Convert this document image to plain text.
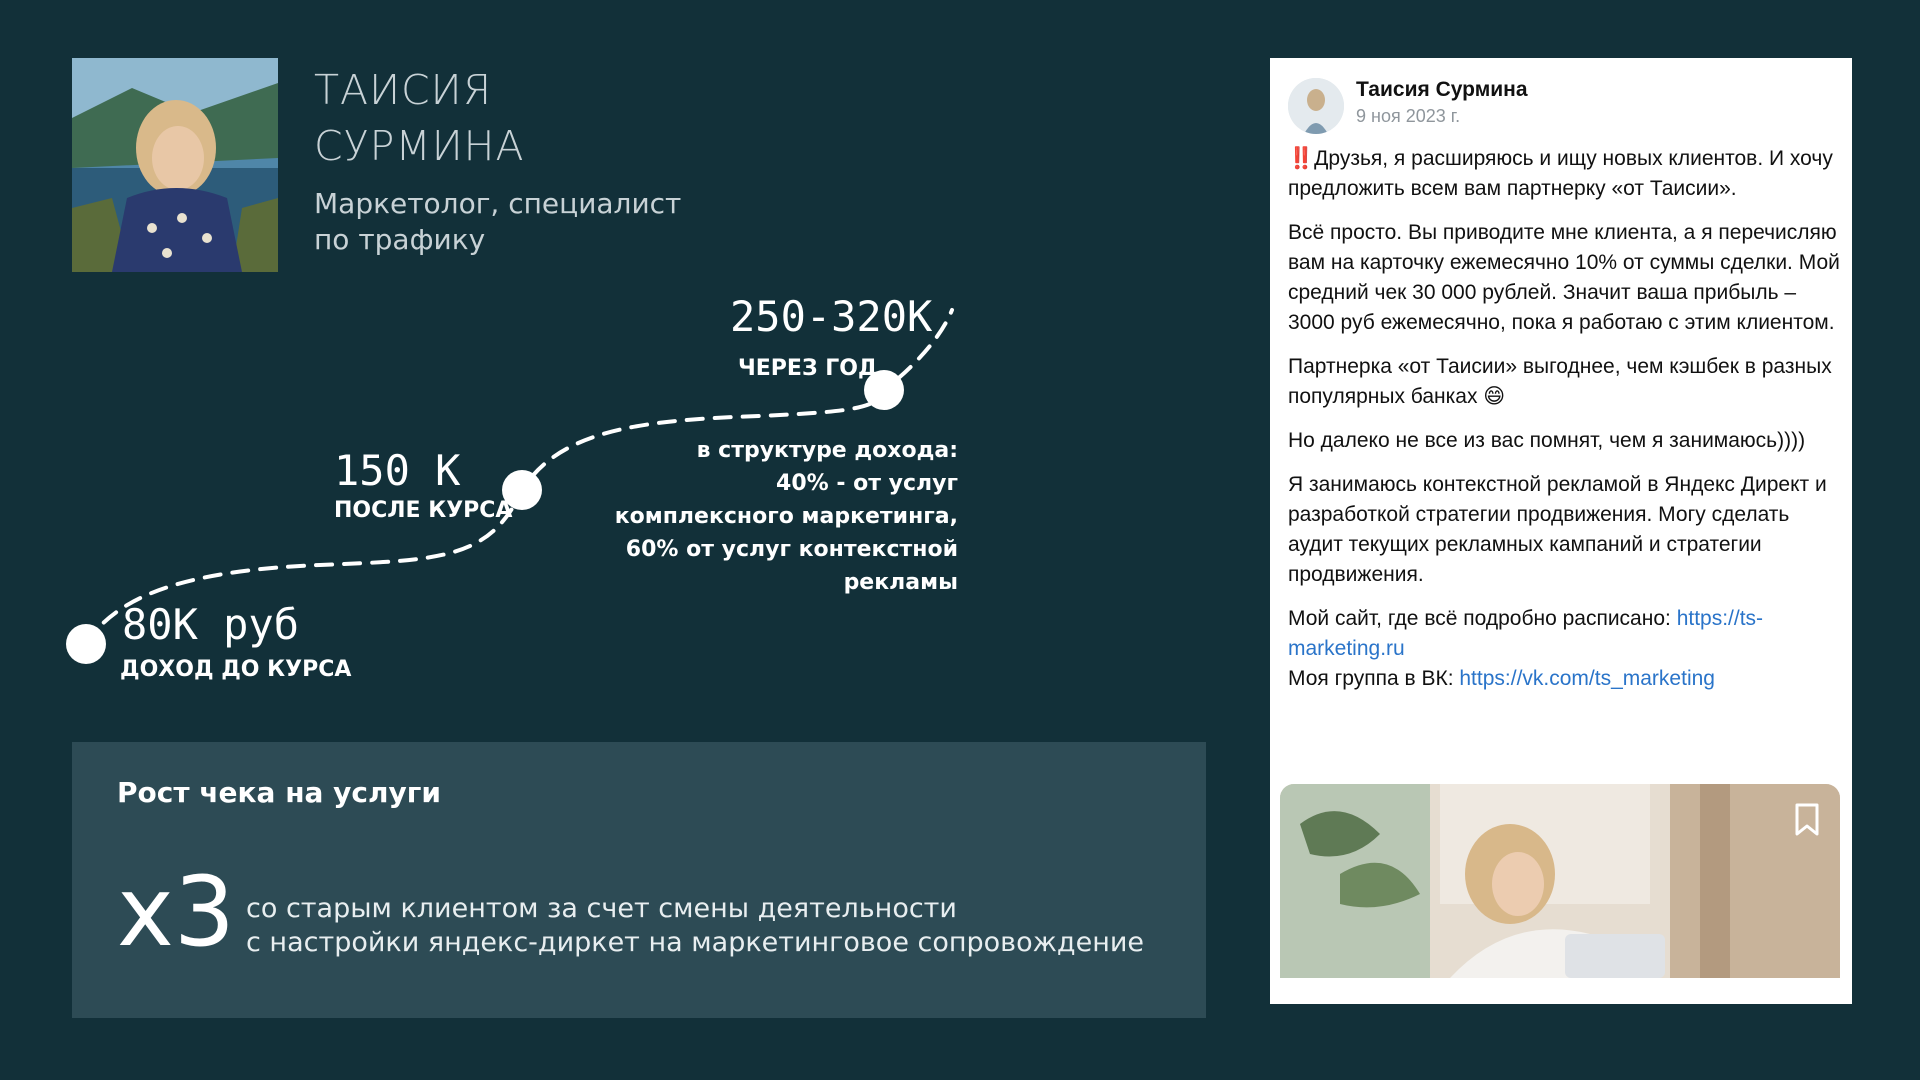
ТАИСИЯ
СУРМИНА
Маркетолог, специалист
по трафику
80К руб
ДОХОД ДО КУРСА
150 К
ПОСЛЕ КУРСА
250-320К
ЧЕРЕЗ ГОД
в структуре дохода:
40% - от услуг
комплексного маркетинга,
60% от услуг контекстной
рекламы
Рост чека на услуги
x3 со старым клиентом за счет смены деятельности
с настройки яндекс-диркет на маркетинговое сопровождение
Таисия Сурмина
9 ноя 2023 г.

‼️Друзья, я расширяюсь и ищу новых клиентов. И хочу предложить всем вам партнерку «от Таисии».

Всё просто. Вы приводите мне клиента, а я перечисляю вам на карточку ежемесячно 10% от суммы сделки. Мой средний чек 30 000 рублей. Значит ваша прибыль – 3000 руб ежемесячно, пока я работаю с этим клиентом.

Партнерка «от Таисии» выгоднее, чем кэшбек в разных популярных банках 😄

Но далеко не все из вас помнят, чем я занимаюсь))))

Я занимаюсь контекстной рекламой в Яндекс Директ и разработкой стратегии продвижения. Могу сделать аудит текущих рекламных кампаний и стратегии продвижения.

Мой сайт, где всё подробно расписано: https://ts-marketing.ru

Моя группа в ВК: https://vk.com/ts_marketing
